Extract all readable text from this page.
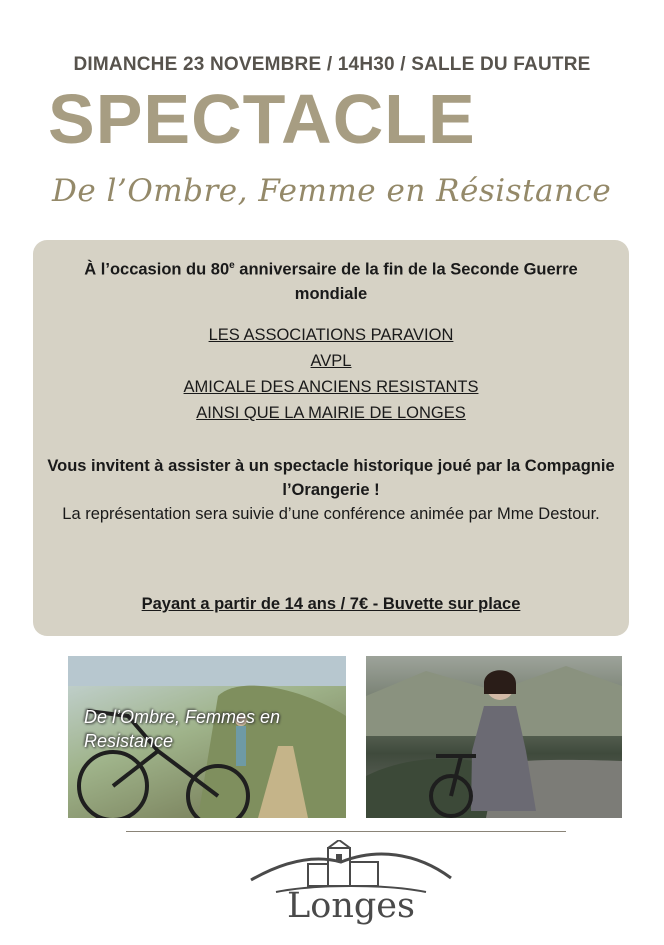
DIMANCHE 23 NOVEMBRE / 14H30 / SALLE DU FAUTRE
SPECTACLE
De l’Ombre, Femme en Résistance

À l’occasion du 80e anniversaire de la fin de la Seconde Guerre mondiale

LES ASSOCIATIONS PARAVION

AVPL

AMICALE DES ANCIENS RESISTANTS

AINSI QUE LA MAIRIE DE LONGES

Vous invitent à assister à un spectacle historique joué par la Compagnie l’Orangerie !

La représentation sera suivie d’une conférence animée par Mme Destour.

Payant a partir de 14 ans / 7€ - Buvette sur place

De l’Ombre, Femmes en Resistance
Longes
